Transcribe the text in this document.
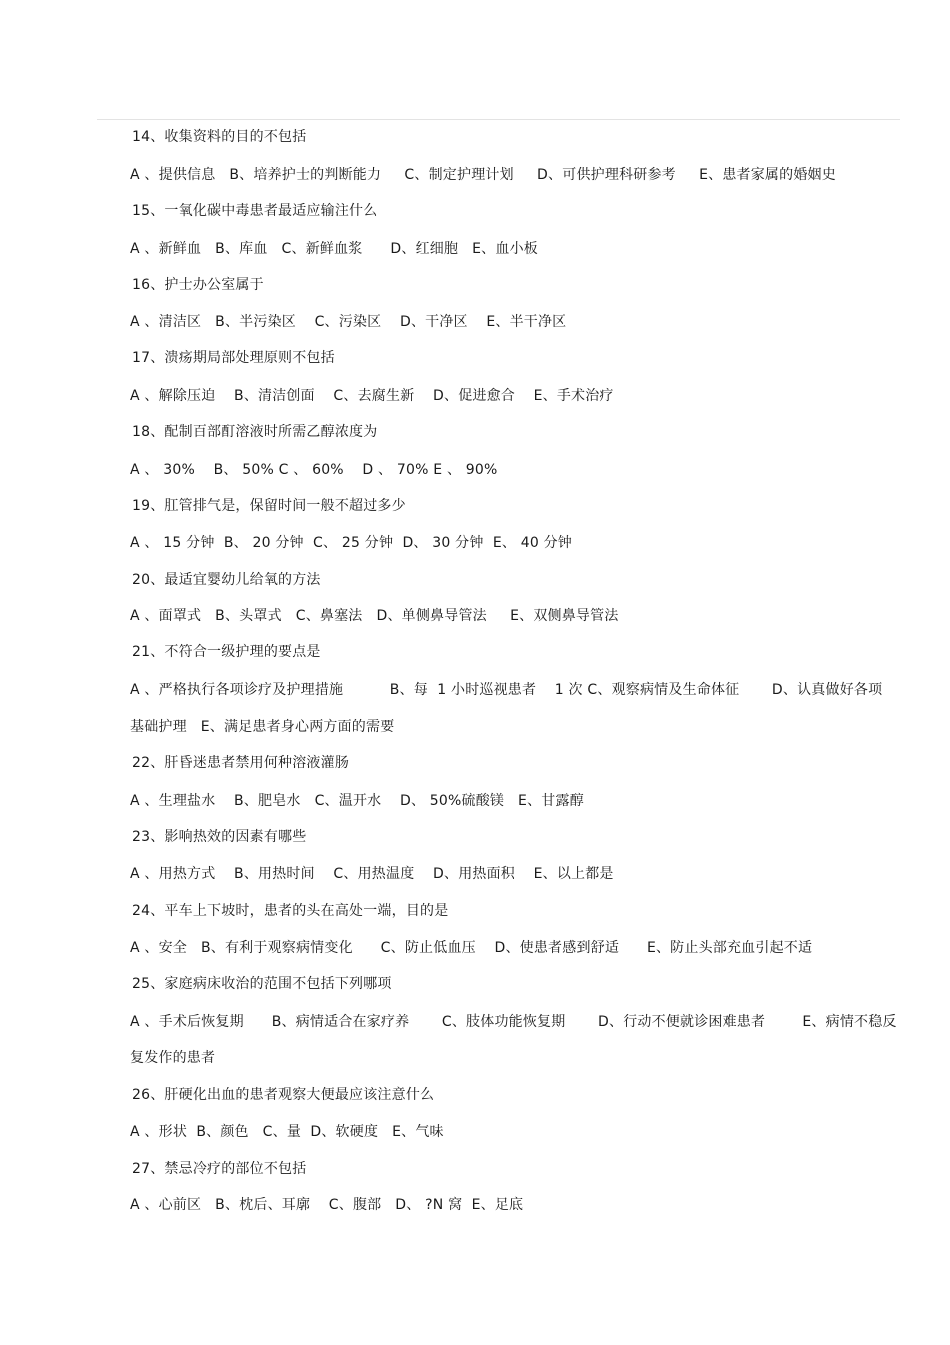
14、收集资料的目的不包括
A 、提供信息   B、培养护士的判断能力     C、制定护理计划     D、可供护理科研参考     E、患者家属的婚姻史
15、一氧化碳中毒患者最适应输注什么
A 、新鲜血   B、库血   C、新鲜血浆      D、红细胞   E、血小板
16、护士办公室属于
A 、清洁区   B、半污染区    C、污染区    D、干净区    E、半干净区
17、溃疡期局部处理原则不包括
A 、解除压迫    B、清洁创面    C、去腐生新    D、促进愈合    E、手术治疗
18、配制百部酊溶液时所需乙醇浓度为
A 、 30%    B、 50% C 、 60%    D 、 70% E 、 90%
19、肛管排气是，保留时间一般不超过多少
A 、 15 分钟  B、 20 分钟  C、 25 分钟  D、 30 分钟  E、 40 分钟
20、最适宜婴幼儿给氧的方法
A 、面罩式   B、头罩式   C、鼻塞法   D、单侧鼻导管法     E、双侧鼻导管法
21、不符合一级护理的要点是
A 、严格执行各项诊疗及护理措施          B、每  1 小时巡视患者    1 次 C、观察病情及生命体征       D、认真做好各项
基础护理   E、满足患者身心两方面的需要
22、肝昏迷患者禁用何种溶液灌肠
A 、生理盐水    B、肥皂水   C、温开水    D、 50%硫酸镁   E、甘露醇
23、影响热效的因素有哪些
A 、用热方式    B、用热时间    C、用热温度    D、用热面积    E、以上都是
24、平车上下坡时，患者的头在高处一端，目的是
A 、安全   B、有利于观察病情变化      C、防止低血压    D、使患者感到舒适      E、防止头部充血引起不适
25、家庭病床收治的范围不包括下列哪项
A 、手术后恢复期      B、病情适合在家疗养       C、肢体功能恢复期       D、行动不便就诊困难患者        E、病情不稳反
复发作的患者
26、肝硬化出血的患者观察大便最应该注意什么
A 、形状  B、颜色   C、量  D、软硬度   E、气味
27、禁忌冷疗的部位不包括
A 、心前区   B、枕后、耳廓    C、腹部   D、 ?N 窝  E、足底
